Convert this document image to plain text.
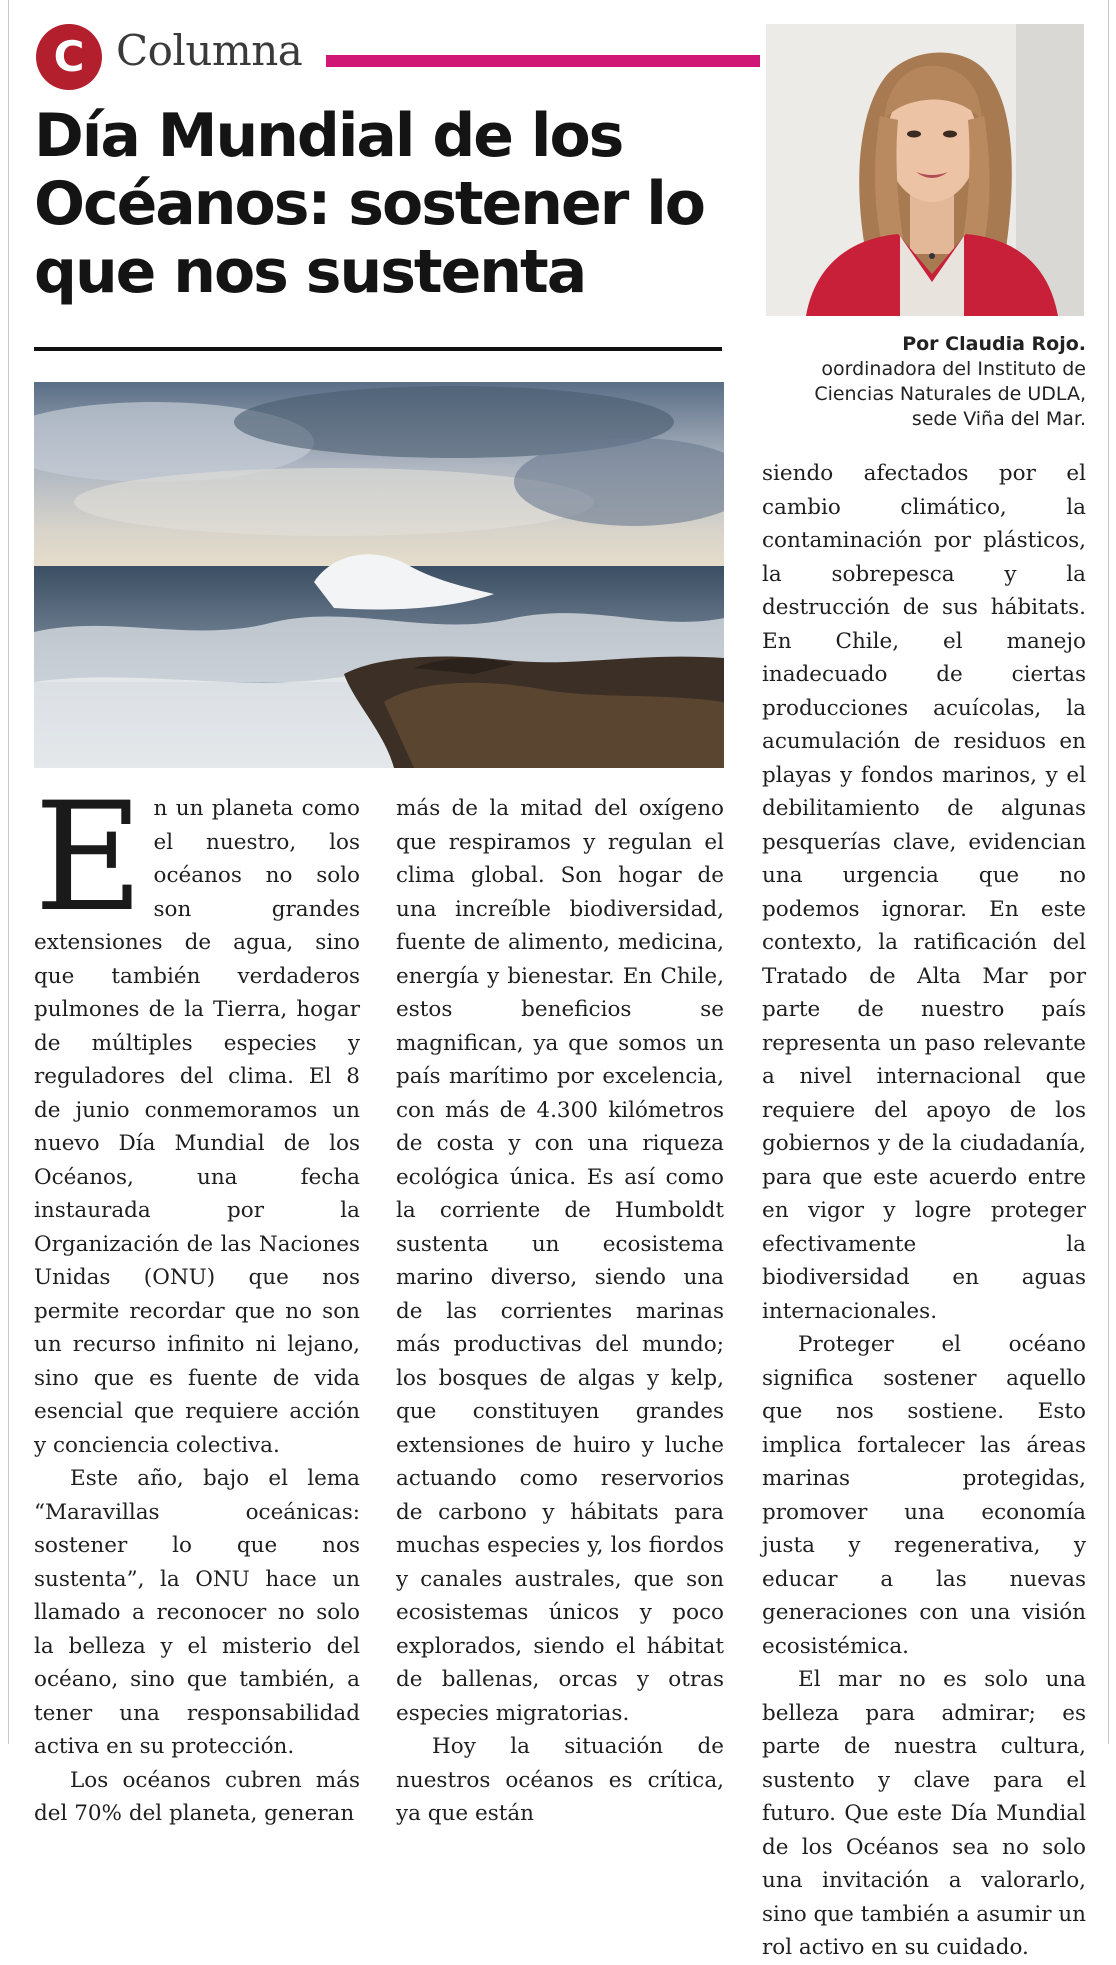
C Columna
Día Mundial de los Océanos: sostener lo que nos sustenta
Por Claudia Rojo.
oordinadora del Instituto de
Ciencias Naturales de UDLA,
sede Viña del Mar.
E n un planeta como el nuestro, los océanos no solo son grandes extensiones de agua, sino que también verdaderos pulmones de la Tierra, hogar de múltiples especies y reguladores del clima. El 8 de junio conmemoramos un nuevo Día Mundial de los Océanos, una fecha instaurada por la Organización de las Naciones Unidas (ONU) que nos permite recordar que no son un recurso infinito ni lejano, sino que es fuente de vida esencial que requiere acción y conciencia colectiva.

Este año, bajo el lema “Maravillas oceánicas: sostener lo que nos sustenta”, la ONU hace un llamado a reconocer no solo la belleza y el misterio del océano, sino que también, a tener una responsabilidad activa en su protección.

Los océanos cubren más del 70% del planeta, generan

más de la mitad del oxígeno que respiramos y regulan el clima global. Son hogar de una increíble biodiversidad, fuente de alimento, medicina, energía y bienestar. En Chile, estos beneficios se magnifican, ya que somos un país marítimo por excelencia, con más de 4.300 kilómetros de costa y con una riqueza ecológica única. Es así como la corriente de Humboldt sustenta un ecosistema marino diverso, siendo una de las corrientes marinas más productivas del mundo; los bosques de algas y kelp, que constituyen grandes extensiones de huiro y luche actuando como reservorios de carbono y hábitats para muchas especies y, los fiordos y canales australes, que son ecosistemas únicos y poco explorados, siendo el hábitat de ballenas, orcas y otras especies migratorias.

Hoy la situación de nuestros océanos es crítica, ya que están

siendo afectados por el cambio climático, la contaminación por plásticos, la sobrepesca y la destrucción de sus hábitats. En Chile, el manejo inadecuado de ciertas producciones acuícolas, la acumulación de residuos en playas y fondos marinos, y el debilitamiento de algunas pesquerías clave, evidencian una urgencia que no podemos ignorar. En este contexto, la ratificación del Tratado de Alta Mar por parte de nuestro país representa un paso relevante a nivel internacional que requiere del apoyo de los gobiernos y de la ciudadanía, para que este acuerdo entre en vigor y logre proteger efectivamente la biodiversidad en aguas internacionales.

Proteger el océano significa sostener aquello que nos sostiene. Esto implica fortalecer las áreas marinas protegidas, promover una economía justa y regenerativa, y educar a las nuevas generaciones con una visión ecosistémica.

El mar no es solo una belleza para admirar; es parte de nuestra cultura, sustento y clave para el futuro. Que este Día Mundial de los Océanos sea no solo una invitación a valorarlo, sino que también a asumir un rol activo en su cuidado.
